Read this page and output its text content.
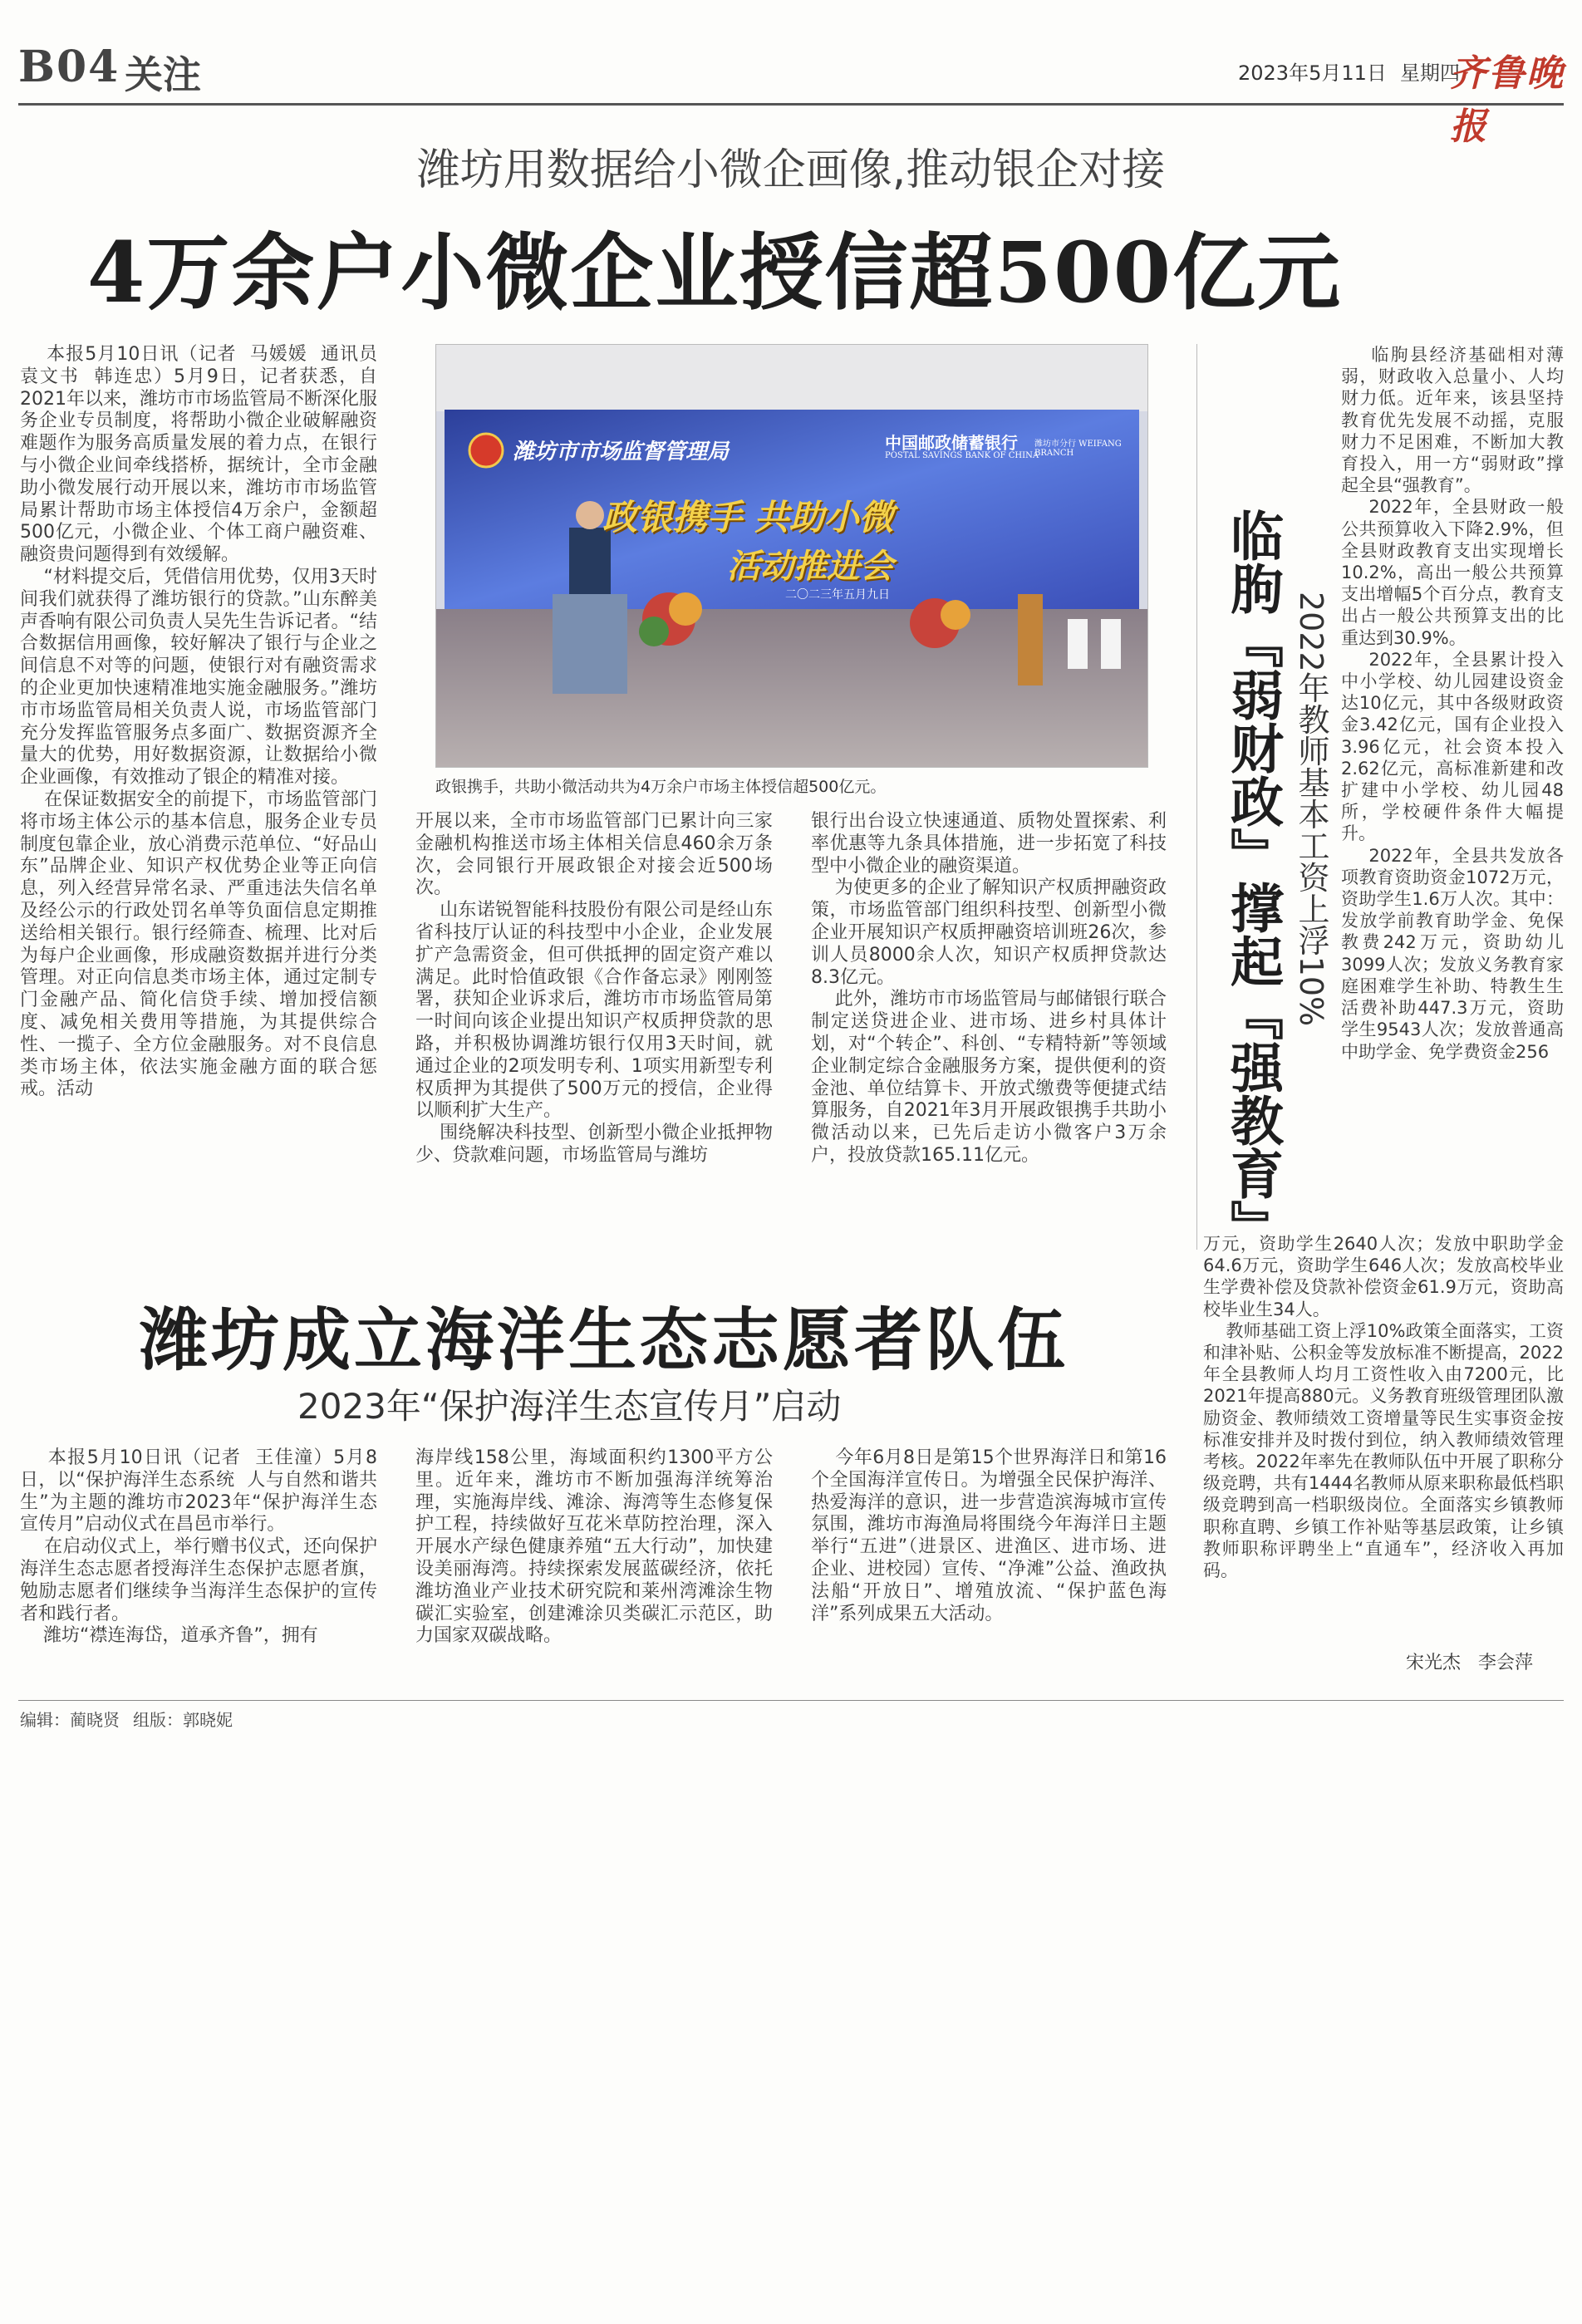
B04 关注	2023年5月11日 星期四
齐鲁晚报
潍坊用数据给小微企画像,推动银企对接
4万余户小微企业授信超500亿元
本报5月10日讯（记者  马媛媛  通讯员  袁文书  韩连忠）5月9日，记者获悉，自2021年以来，潍坊市市场监管局不断深化服务企业专员制度，将帮助小微企业破解融资难题作为服务高质量发展的着力点，在银行与小微企业间牵线搭桥，据统计，全市金融助小微发展行动开展以来，潍坊市市场监管局累计帮助市场主体授信4万余户，金额超500亿元，小微企业、个体工商户融资难、融资贵问题得到有效缓解。
“材料提交后，凭借信用优势，仅用3天时间我们就获得了潍坊银行的贷款。”山东醉美声香响有限公司负责人吴先生告诉记者。“结合数据信用画像，较好解决了银行与企业之间信息不对等的问题，使银行对有融资需求的企业更加快速精准地实施金融服务。”潍坊市市场监管局相关负责人说，市场监管部门充分发挥监管服务点多面广、数据资源齐全量大的优势，用好数据资源，让数据给小微企业画像，有效推动了银企的精准对接。
在保证数据安全的前提下，市场监管部门将市场主体公示的基本信息，服务企业专员制度包靠企业，放心消费示范单位、“好品山东”品牌企业、知识产权优势企业等正向信息，列入经营异常名录、严重违法失信名单及经公示的行政处罚名单等负面信息定期推送给相关银行。银行经筛查、梳理、比对后为每户企业画像，形成融资数据并进行分类管理。对正向信息类市场主体，通过定制专门金融产品、简化信贷手续、增加授信额度、减免相关费用等措施，为其提供综合性、一揽子、全方位金融服务。对不良信息类市场主体，依法实施金融方面的联合惩戒。活动
潍坊市市场监督管理局	中国邮政储蓄银行
POSTAL SAVINGS BANK OF CHINA
潍坊市分行 WEIFANG BRANCH
政银携手 共助小微
活动推进会
二〇二三年五月九日
政银携手，共助小微活动共为4万余户市场主体授信超500亿元。
开展以来，全市市场监管部门已累计向三家金融机构推送市场主体相关信息460余万条次，会同银行开展政银企对接会近500场次。
山东诺锐智能科技股份有限公司是经山东省科技厅认证的科技型中小企业，企业发展扩产急需资金，但可供抵押的固定资产难以满足。此时恰值政银《合作备忘录》刚刚签署，获知企业诉求后，潍坊市市场监管局第一时间向该企业提出知识产权质押贷款的思路，并积极协调潍坊银行仅用3天时间，就通过企业的2项发明专利、1项实用新型专利权质押为其提供了500万元的授信，企业得以顺利扩大生产。
围绕解决科技型、创新型小微企业抵押物少、贷款难问题，市场监管局与潍坊
银行出台设立快速通道、质物处置探索、利率优惠等九条具体措施，进一步拓宽了科技型中小微企业的融资渠道。
为使更多的企业了解知识产权质押融资政策，市场监管部门组织科技型、创新型小微企业开展知识产权质押融资培训班26次，参训人员8000余人次，知识产权质押贷款达8.3亿元。
此外，潍坊市市场监管局与邮储银行联合制定送贷进企业、进市场、进乡村具体计划，对“个转企”、科创、“专精特新”等领域企业制定综合金融服务方案，提供便利的资金池、单位结算卡、开放式缴费等便捷式结算服务，自2021年3月开展政银携手共助小微活动以来，已先后走访小微客户3万余户，投放贷款165.11亿元。	临朐『弱财政』撑起『强教育』 2022年教师基本工资上浮10%
临朐县经济基础相对薄弱，财政收入总量小、人均财力低。近年来，该县坚持教育优先发展不动摇，克服财力不足困难，不断加大教育投入，用一方“弱财政”撑起全县“强教育”。
2022年，全县财政一般公共预算收入下降2.9%，但全县财政教育支出实现增长10.2%，高出一般公共预算支出增幅5个百分点，教育支出占一般公共预算支出的比重达到30.9%。
2022年，全县累计投入中小学校、幼儿园建设资金达10亿元，其中各级财政资金3.42亿元，国有企业投入3.96亿元，社会资本投入2.62亿元，高标准新建和改扩建中小学校、幼儿园48所，学校硬件条件大幅提升。
2022年，全县共发放各项教育资助资金1072万元，资助学生1.6万人次。其中：发放学前教育助学金、免保教费242万元，资助幼儿3099人次；发放义务教育家庭困难学生补助、特教生生活费补助447.3万元，资助学生9543人次；发放普通高中助学金、免学费资金256
万元，资助学生2640人次；发放中职助学金64.6万元，资助学生646人次；发放高校毕业生学费补偿及贷款补偿资金61.9万元，资助高校毕业生34人。
教师基础工资上浮10%政策全面落实，工资和津补贴、公积金等发放标准不断提高，2022年全县教师人均月工资性收入由7200元，比2021年提高880元。义务教育班级管理团队激励资金、教师绩效工资增量等民生实事资金按标准安排并及时拨付到位，纳入教师绩效管理考核。2022年率先在教师队伍中开展了职称分级竞聘，共有1444名教师从原来职称最低档职级竞聘到高一档职级岗位。全面落实乡镇教师职称直聘、乡镇工作补贴等基层政策，让乡镇教师职称评聘坐上“直通车”，经济收入再加码。
宋光杰 李会萍
潍坊成立海洋生态志愿者队伍
2023年“保护海洋生态宣传月”启动
本报5月10日讯（记者  王佳潼）5月8日，以“保护海洋生态系统  人与自然和谐共生”为主题的潍坊市2023年“保护海洋生态宣传月”启动仪式在昌邑市举行。
在启动仪式上，举行赠书仪式，还向保护海洋生态志愿者授海洋生态保护志愿者旗，勉励志愿者们继续争当海洋生态保护的宣传者和践行者。
潍坊“襟连海岱，道承齐鲁”，拥有
海岸线158公里，海域面积约1300平方公里。近年来，潍坊市不断加强海洋统筹治理，实施海岸线、滩涂、海湾等生态修复保护工程，持续做好互花米草防控治理，深入开展水产绿色健康养殖“五大行动”，加快建设美丽海湾。持续探索发展蓝碳经济，依托潍坊渔业产业技术研究院和莱州湾滩涂生物碳汇实验室，创建滩涂贝类碳汇示范区，助力国家双碳战略。
今年6月8日是第15个世界海洋日和第16个全国海洋宣传日。为增强全民保护海洋、热爱海洋的意识，进一步营造滨海城市宣传氛围，潍坊市海渔局将围绕今年海洋日主题举行“五进”（进景区、进渔区、进市场、进企业、进校园）宣传、“净滩”公益、渔政执法船“开放日”、增殖放流、“保护蓝色海洋”系列成果五大活动。
编辑：蔺晓贤 组版：郭晓妮
